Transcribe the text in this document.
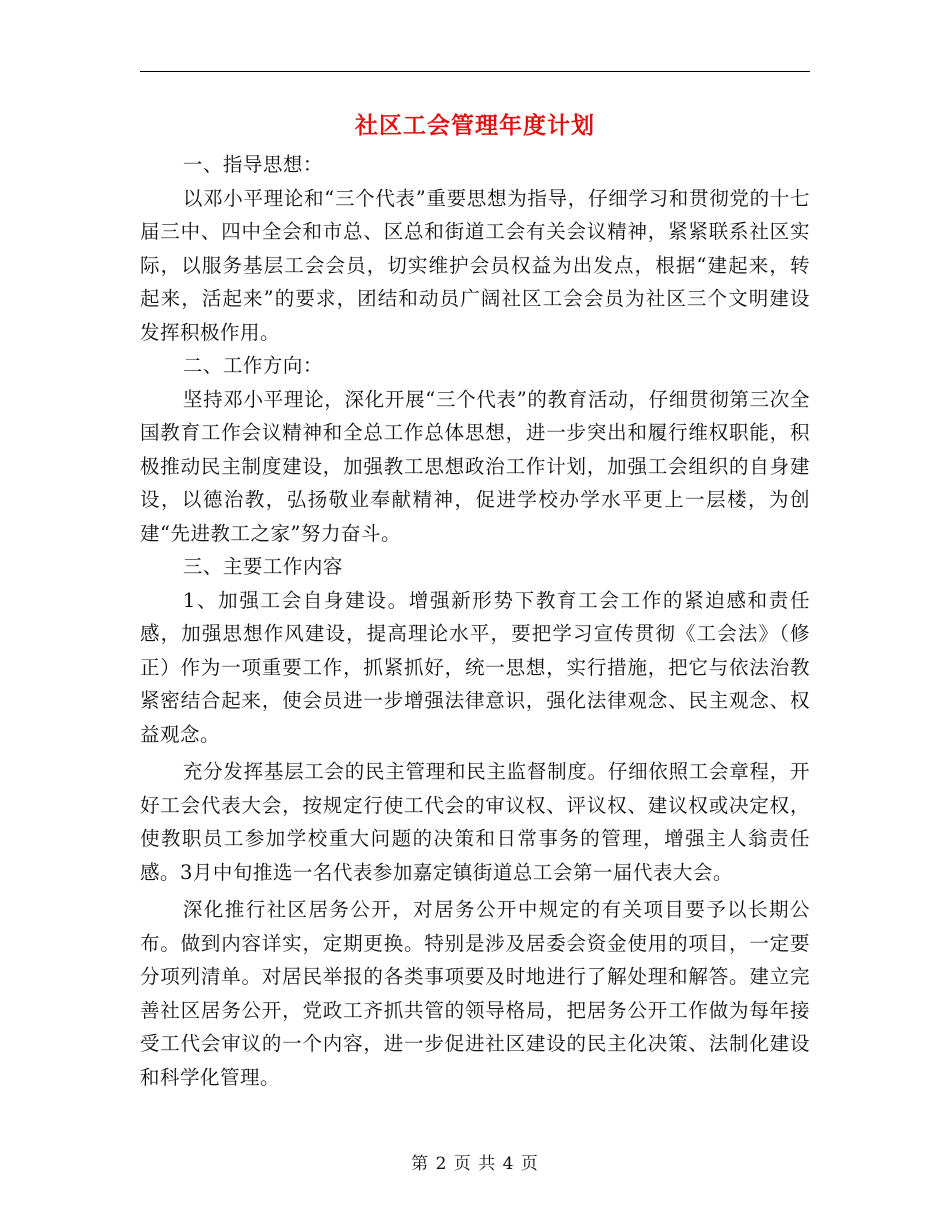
社区工会管理年度计划

一、指导思想：

以邓小平理论和“三个代表”重要思想为指导，仔细学习和贯彻党的十七届三中、四中全会和市总、区总和街道工会有关会议精神，紧紧联系社区实际，以服务基层工会会员，切实维护会员权益为出发点，根据“建起来，转起来，活起来”的要求，团结和动员广阔社区工会会员为社区三个文明建设发挥积极作用。

二、工作方向：

坚持邓小平理论，深化开展“三个代表”的教育活动，仔细贯彻第三次全国教育工作会议精神和全总工作总体思想，进一步突出和履行维权职能，积极推动民主制度建设，加强教工思想政治工作计划，加强工会组织的自身建设，以德治教，弘扬敬业奉献精神，促进学校办学水平更上一层楼，为创建“先进教工之家”努力奋斗。

三、主要工作内容

1、加强工会自身建设。增强新形势下教育工会工作的紧迫感和责任感，加强思想作风建设，提高理论水平，要把学习宣传贯彻《工会法》（修正）作为一项重要工作，抓紧抓好，统一思想，实行措施，把它与依法治教紧密结合起来，使会员进一步增强法律意识，强化法律观念、民主观念、权益观念。

充分发挥基层工会的民主管理和民主监督制度。仔细依照工会章程，开好工会代表大会，按规定行使工代会的审议权、评议权、建议权或决定权，使教职员工参加学校重大问题的决策和日常事务的管理，增强主人翁责任感。3月中旬推选一名代表参加嘉定镇街道总工会第一届代表大会。

深化推行社区居务公开，对居务公开中规定的有关项目要予以长期公布。做到内容详实，定期更换。特别是涉及居委会资金使用的项目，一定要分项列清单。对居民举报的各类事项要及时地进行了解处理和解答。建立完善社区居务公开，党政工齐抓共管的领导格局，把居务公开工作做为每年接受工代会审议的一个内容，进一步促进社区建设的民主化决策、法制化建设和科学化管理。

第 2 页 共 4 页
